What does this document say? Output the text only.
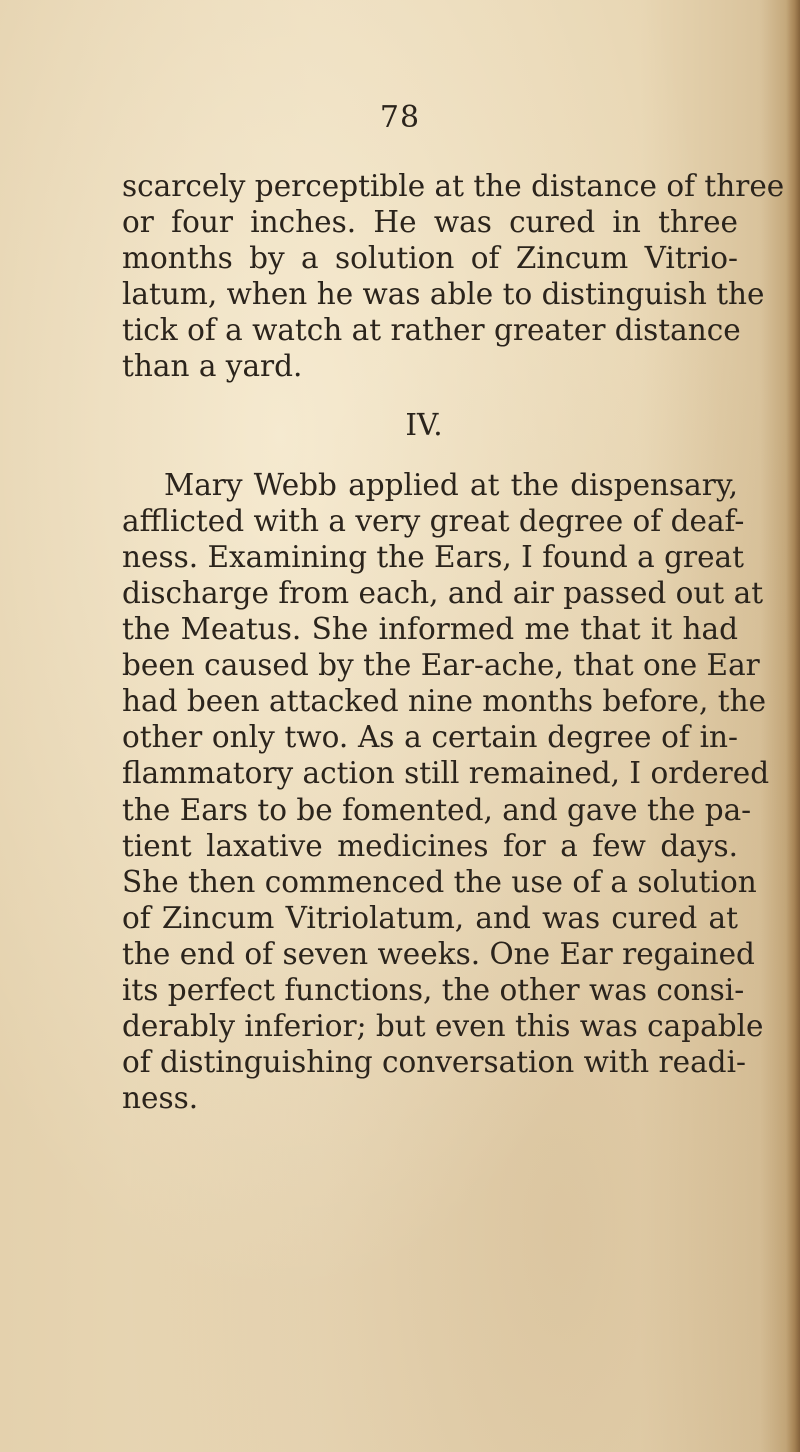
78
scarcely perceptible at the distance of three
or four inches. He was cured in three
months by a solution of Zincum Vitrio-
latum, when he was able to distinguish the
tick of a watch at rather greater distance
than a yard.
IV.
Mary Webb applied at the dispensary,
afflicted with a very great degree of deaf-
ness. Examining the Ears, I found a great
discharge from each, and air passed out at
the Meatus. She informed me that it had
been caused by the Ear-ache, that one Ear
had been attacked nine months before, the
other only two. As a certain degree of in-
flammatory action still remained, I ordered
the Ears to be fomented, and gave the pa-
tient laxative medicines for a few days.
She then commenced the use of a solution
of Zincum Vitriolatum, and was cured at
the end of seven weeks. One Ear regained
its perfect functions, the other was consi-
derably inferior; but even this was capable
of distinguishing conversation with readi-
ness.
